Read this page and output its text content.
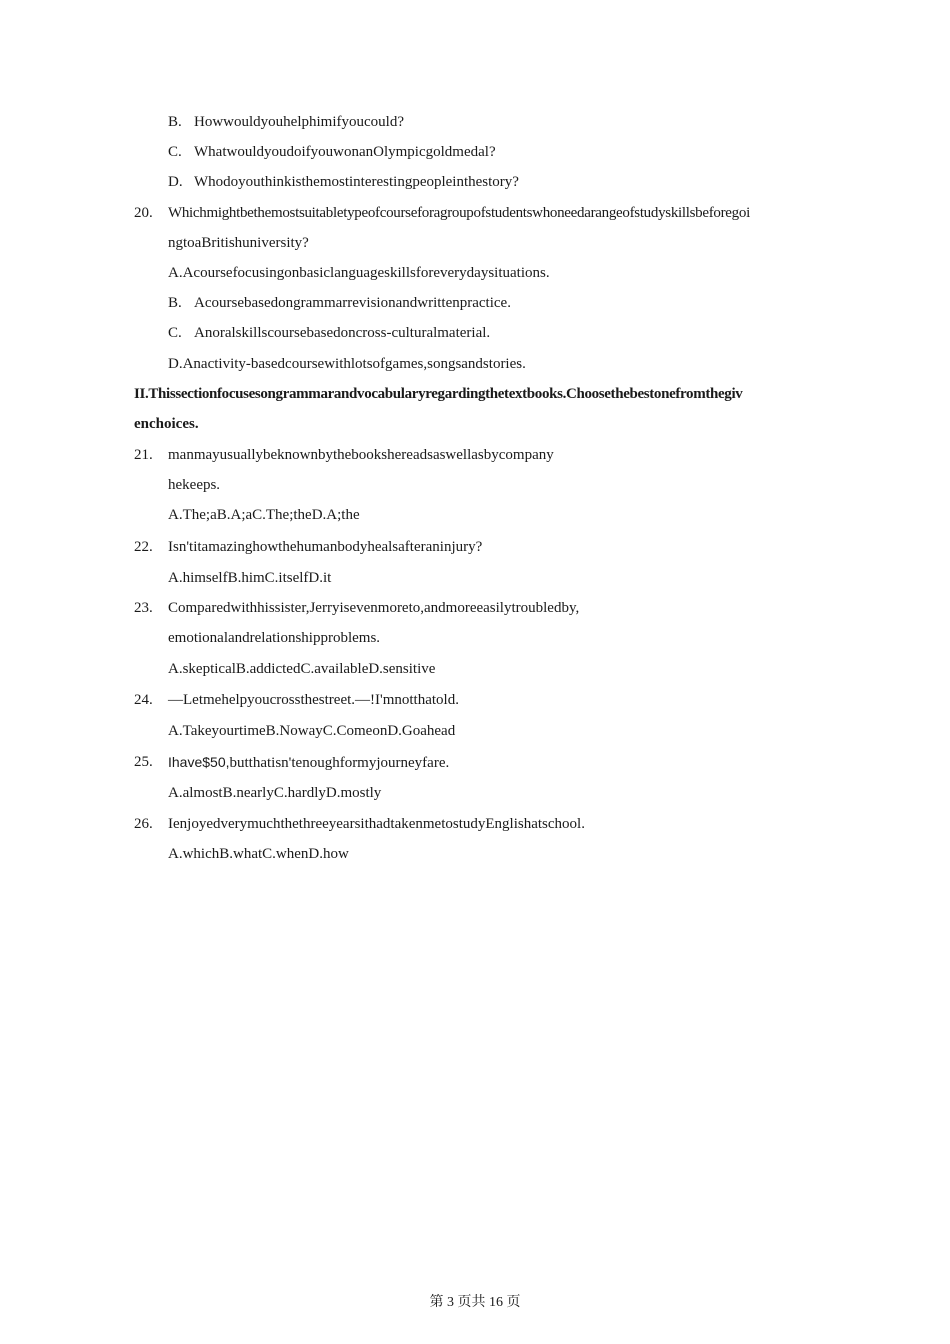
B. Howwouldyouhelphimifyoucould?
C. WhatwouldyoudoifyouwonanOlympicgoldmedal?
D. Whodoyouthinkisthemostinterestingpeopleinthestory?
20. Whichmightbethemostsuitabletypeofcourseforagroupofstudentswhoneedarangeofstudyskillsbeforegoi
ngtoaBritishuniversity?
A.Acoursefocusingonbasiclanguageskillsforeverydaysituations.
B. Acoursebasedongrammarrevisionandwrittenpractice.
C. Anoralskillscoursebasedoncross-culturalmaterial.
D.Anactivity-basedcoursewithlotsofgames,songsandstories.
II.Thissectionfocusesongrammarandvocabularyregardingthetextbooks.Choosethebestonefromthegiv
enchoices.
21. manmayusuallybeknownbythebookshereadsaswellasbycompany
hekeeps.
A.The;aB.A;aC.The;theD.A;the
22. Isn'titamazinghowthehumanbodyhealsafteraninjury?
A.himselfB.himC.itselfD.it
23. Comparedwithhissister,Jerryisevenmoreto,andmoreeasilytroubledby,
emotionalandrelationshipproblems.
A.skepticalB.addictedC.availableD.sensitive
24. —Letmehelpyoucrossthestreet.—!I'mnotthatold.
A.TakeyourtimeB.NowayC.ComeonD.Goahead
25. Ihave$50,butthatisn'tenoughformyjourneyfare.
A.almostB.nearlyC.hardlyD.mostly
26. IenjoyedverymuchthethreeyearsithadtakenmetostudyEnglishatschool.
A.whichB.whatC.whenD.how
第 3 页共 16 页
